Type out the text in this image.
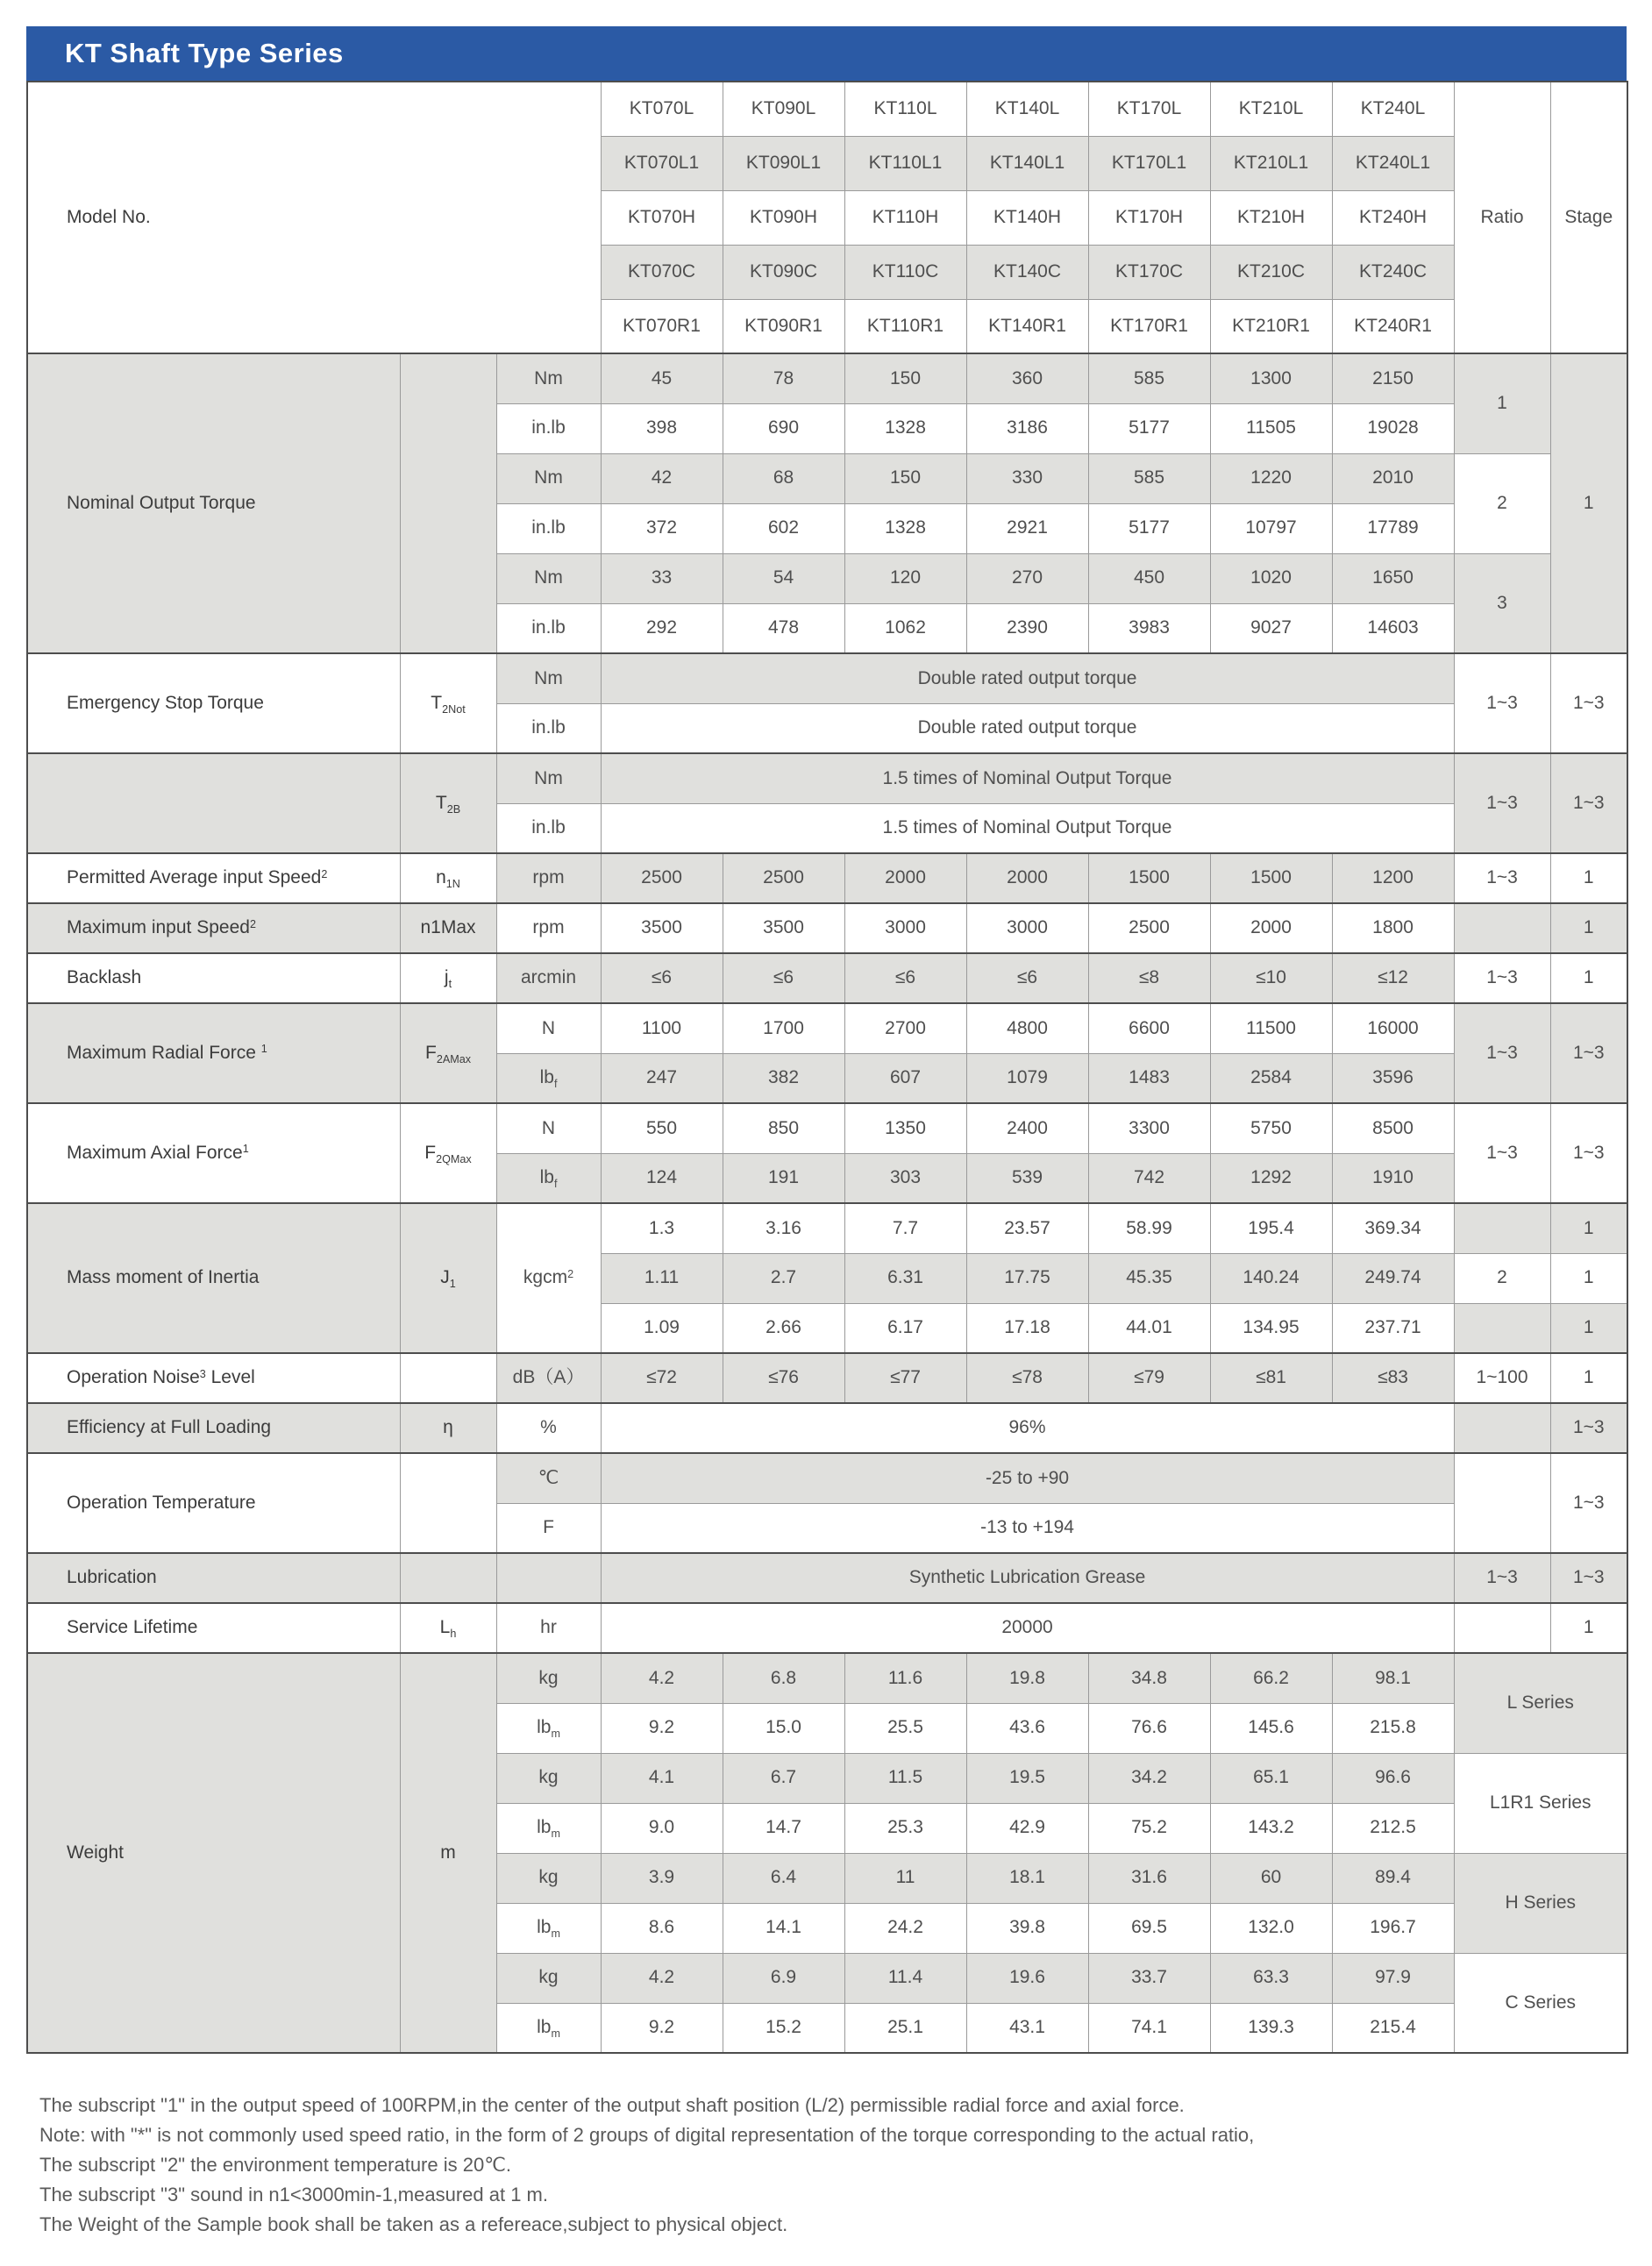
KT Shaft Type Series
Model No.			KT070L	KT090L	KT110L	KT140L	KT170L	KT210L	KT240L	Ratio	Stage
			KT070L1	KT090L1	KT110L1	KT140L1	KT170L1	KT210L1	KT240L1		
			KT070H	KT090H	KT110H	KT140H	KT170H	KT210H	KT240H		
			KT070C	KT090C	KT110C	KT140C	KT170C	KT210C	KT240C		
			KT070R1	KT090R1	KT110R1	KT140R1	KT170R1	KT210R1	KT240R1		
Nominal Output Torque		Nm	45	78	150	360	585	1300	2150	1	1
		in.lb	398	690	1328	3186	5177	11505	19028		
		Nm	42	68	150	330	585	1220	2010	2	
		in.lb	372	602	1328	2921	5177	10797	17789		
		Nm	33	54	120	270	450	1020	1650	3	
		in.lb	292	478	1062	2390	3983	9027	14603		
Emergency Stop Torque	$T_{2Not}$	Nm	Double rated output torque							1~3	1~3
		in.lb	Double rated output torque								
	$T_{2B}$	Nm	1.5 times of Nominal Output Torque							1~3	1~3
		in.lb	1.5 times of Nominal Output Torque								
Permitted Average input Speed$^2$	$n_{1N}$	rpm	2500	2500	2000	2000	1500	1500	1200	1~3	1
Maximum input Speed$^2$	n1Max	rpm	3500	3500	3000	3000	2500	2000	1800		1
Backlash	$j_t$	arcmin	≤6	≤6	≤6	≤6	≤8	≤10	≤12	1~3	1
Maximum Radial Force $^1$	$F_{2AMax}$	N	1100	1700	2700	4800	6600	11500	16000	1~3	1~3
		$lb_f$	247	382	607	1079	1483	2584	3596		
Maximum Axial Force$^1$	$F_{2QMax}$	N	550	850	1350	2400	3300	5750	8500	1~3	1~3
		$lb_f$	124	191	303	539	742	1292	1910		
Mass moment of Inertia	$J_1$	kgcm$^2$	1.3	3.16	7.7	23.57	58.99	195.4	369.34		1
			1.11	2.7	6.31	17.75	45.35	140.24	249.74	2	1
			1.09	2.66	6.17	17.18	44.01	134.95	237.71		1
Operation Noise$^3$ Level		dB（A）	≤72	≤76	≤77	≤78	≤79	≤81	≤83	1~100	1
Efficiency at Full Loading	η	%	96%								1~3
Operation Temperature		℃	-25 to +90								1~3
		F	-13 to +194								
Lubrication			Synthetic Lubrication Grease							1~3	1~3
Service Lifetime	$L_h$	hr	20000								1
Weight	m	kg	4.2	6.8	11.6	19.8	34.8	66.2	98.1	L Series	
		$lb_m$	9.2	15.0	25.5	43.6	76.6	145.6	215.8		
		kg	4.1	6.7	11.5	19.5	34.2	65.1	96.6	L1R1 Series	
		$lb_m$	9.0	14.7	25.3	42.9	75.2	143.2	212.5		
		kg	3.9	6.4	11	18.1	31.6	60	89.4	H Series	
		$lb_m$	8.6	14.1	24.2	39.8	69.5	132.0	196.7		
		kg	4.2	6.9	11.4	19.6	33.7	63.3	97.9	C Series	
		$lb_m$	9.2	15.2	25.1	43.1	74.1	139.3	215.4		
The subscript "1" in the output speed of 100RPM,in the center of the output shaft position (L/2) permissible radial force and axial force.
Note: with "*" is not commonly used speed ratio, in the form of 2 groups of digital representation of the torque corresponding to the actual ratio,
The subscript "2" the environment temperature is 20℃.
The subscript "3" sound in n1<3000min-1,measured at 1 m.
The Weight of the Sample book shall be taken as a refereace,subject to physical object.
